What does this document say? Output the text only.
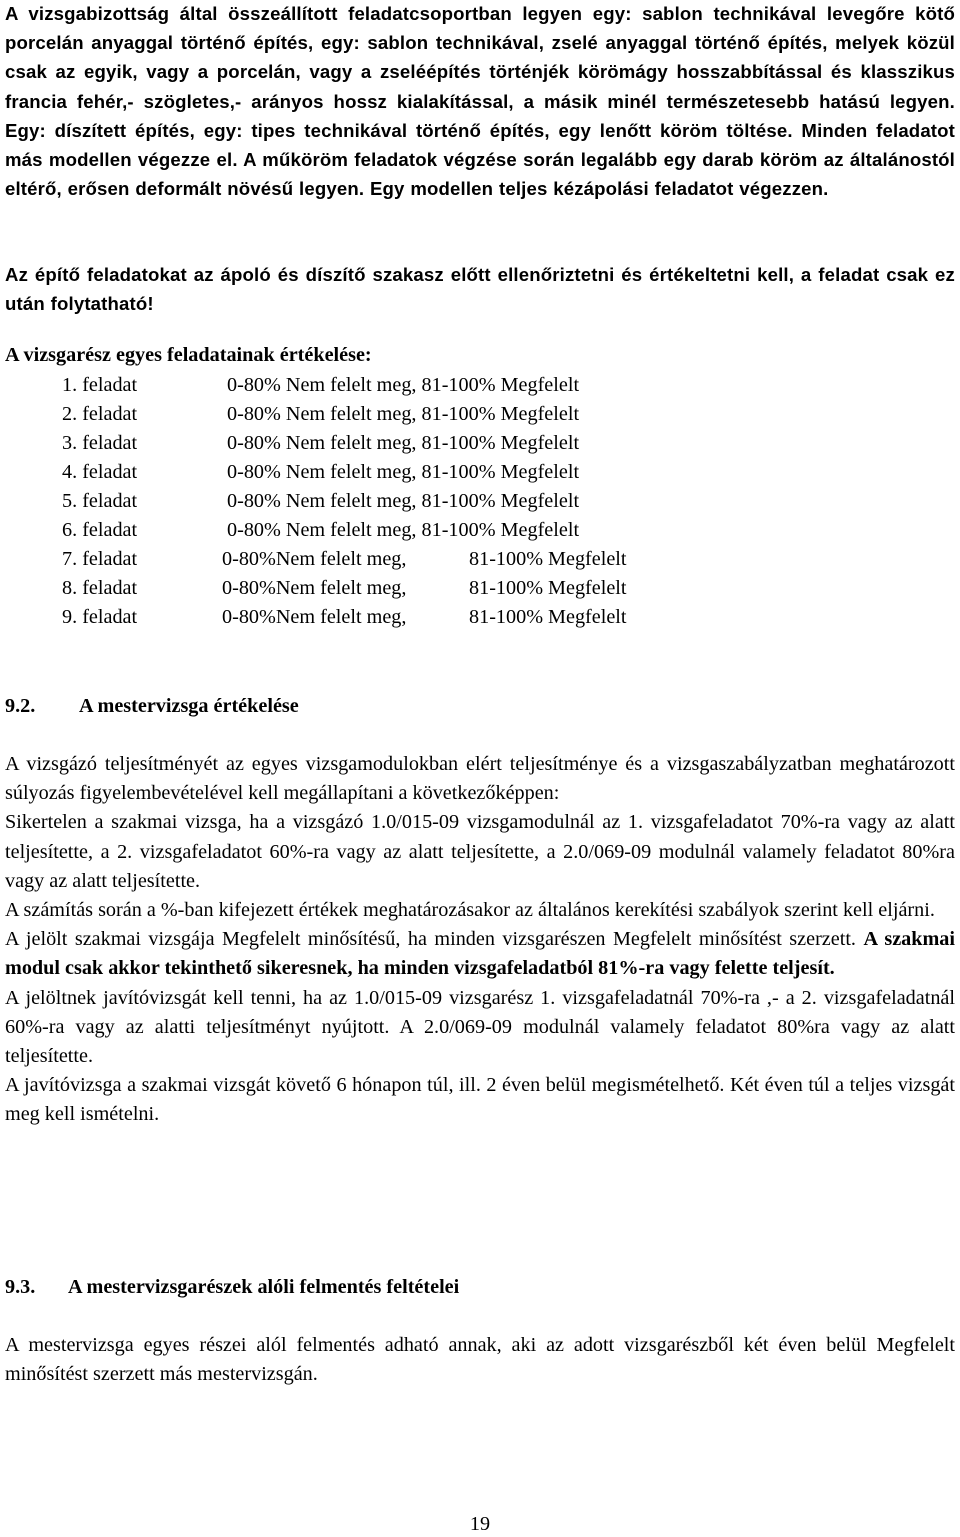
A vizsgabizottság által összeállított feladatcsoportban legyen egy: sablon technikával levegőre kötő porcelán anyaggal történő építés, egy: sablon technikával, zselé anyaggal történő építés, melyek közül csak az egyik, vagy a porcelán, vagy a zseléépítés történjék körömágy hosszabbítással és klasszikus francia fehér,- szögletes,- arányos hossz kialakítással, a másik minél természetesebb hatású legyen. Egy: díszített építés, egy: tipes technikával történő építés, egy lenőtt köröm töltése. Minden feladatot más modellen végezze el. A műköröm feladatok végzése során legalább egy darab köröm az általánostól eltérő, erősen deformált növésű legyen. Egy modellen teljes kézápolási feladatot végezzen.

Az építő feladatokat az ápoló és díszítő szakasz előtt ellenőriztetni és értékeltetni kell, a feladat csak ez után folytatható!

A vizsgarész egyes feladatainak értékelése:

1. feladat	0-80% Nem felelt meg, 81-100% Megfelelt
2. feladat	0-80% Nem felelt meg, 81-100% Megfelelt
3. feladat	0-80% Nem felelt meg, 81-100% Megfelelt
4. feladat	0-80% Nem felelt meg, 81-100% Megfelelt
5. feladat	0-80% Nem felelt meg, 81-100% Megfelelt
6. feladat	0-80% Nem felelt meg, 81-100% Megfelelt
7. feladat	0-80%Nem felelt meg,	81-100% Megfelelt
8. feladat	0-80%Nem felelt meg,	81-100% Megfelelt
9. feladat	0-80%Nem felelt meg,	81-100% Megfelelt
9.2. A mestervizsga értékelése

A vizsgázó teljesítményét az egyes vizsgamodulokban elért teljesítménye és a vizsgaszabályzatban meghatározott súlyozás figyelembevételével kell megállapítani a következőképpen:

Sikertelen a szakmai vizsga, ha a vizsgázó 1.0/015-09 vizsgamodulnál az 1. vizsgafeladatot 70%-ra vagy az alatt teljesítette, a 2. vizsgafeladatot 60%-ra vagy az alatt teljesítette, a 2.0/069-09 modulnál valamely feladatot 80%ra vagy az alatt teljesítette.

A számítás során a %-ban kifejezett értékek meghatározásakor az általános kerekítési szabályok szerint kell eljárni.

A jelölt szakmai vizsgája Megfelelt minősítésű, ha minden vizsgarészen Megfelelt minősítést szerzett. A szakmai modul csak akkor tekinthető sikeresnek, ha minden vizsgafeladatból 81%-ra vagy felette teljesít.

A jelöltnek javítóvizsgát kell tenni, ha az 1.0/015-09 vizsgarész 1. vizsgafeladatnál 70%-ra ,- a 2. vizsgafeladatnál 60%-ra vagy az alatti teljesítményt nyújtott. A 2.0/069-09 modulnál valamely feladatot 80%ra vagy az alatt teljesítette.

A javítóvizsga a szakmai vizsgát követő 6 hónapon túl, ill. 2 éven belül megismételhető. Két éven túl a teljes vizsgát meg kell ismételni.

9.3. A mestervizsgarészek alóli felmentés feltételei

A mestervizsga egyes részei alól felmentés adható annak, aki az adott vizsgarészből két éven belül Megfelelt minősítést szerzett más mestervizsgán.

19
